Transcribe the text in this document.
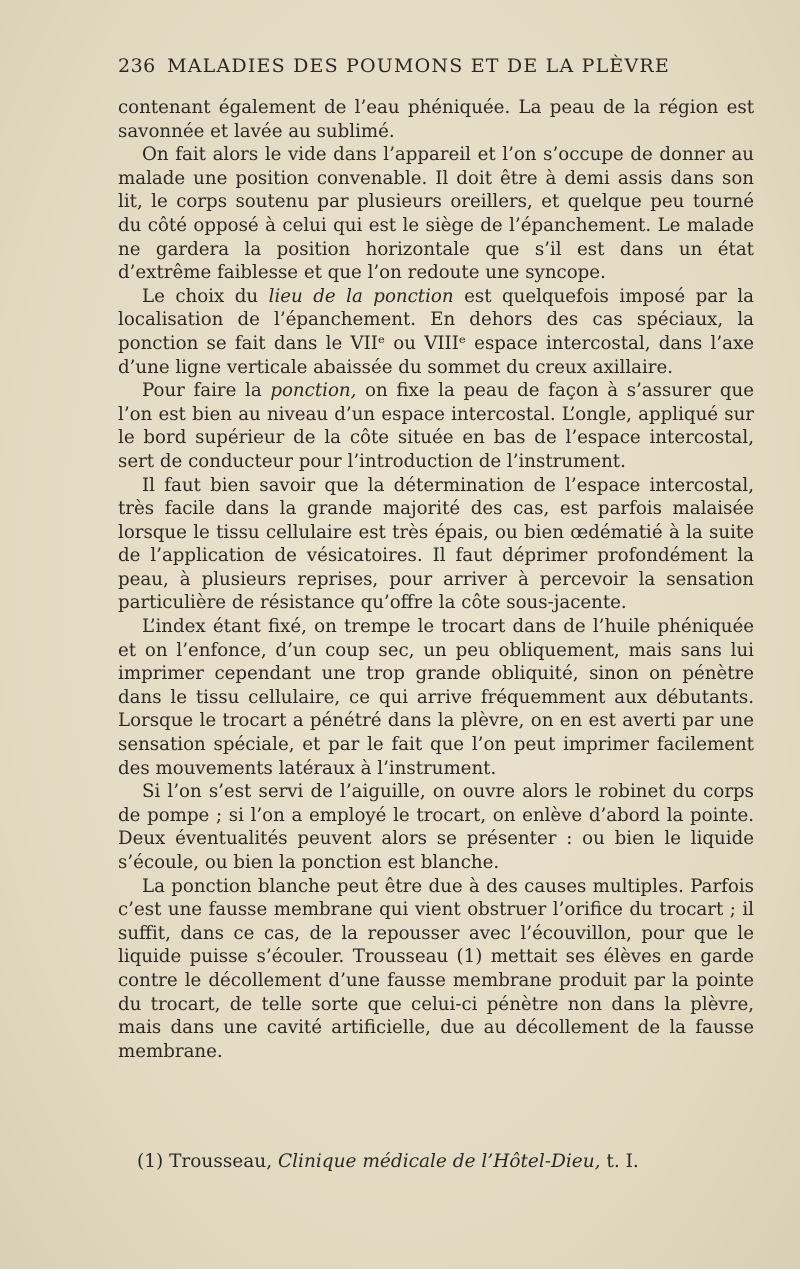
236 MALADIES DES POUMONS ET DE LA PLÈVRE

contenant également de l’eau phéniquée. La peau de la région est savonnée et lavée au sublimé.

On fait alors le vide dans l’appareil et l’on s’occupe de donner au malade une position convenable. Il doit être à demi assis dans son lit, le corps soutenu par plusieurs oreillers, et quelque peu tourné du côté opposé à celui qui est le siège de l’épanchement. Le malade ne gardera la position horizontale que s’il est dans un état d’extrême faiblesse et que l’on redoute une syncope.

Le choix du lieu de la ponction est quelquefois imposé par la localisation de l’épanchement. En dehors des cas spéciaux, la ponction se fait dans le VIIᵉ ou VIIIᵉ espace intercostal, dans l’axe d’une ligne verticale abaissée du sommet du creux axillaire.

Pour faire la ponction, on fixe la peau de façon à s’assurer que l’on est bien au niveau d’un espace intercostal. L’ongle, appliqué sur le bord supérieur de la côte située en bas de l’espace intercostal, sert de conducteur pour l’introduction de l’instrument.

Il faut bien savoir que la détermination de l’espace intercostal, très facile dans la grande majorité des cas, est parfois malaisée lorsque le tissu cellulaire est très épais, ou bien œdématié à la suite de l’application de vésicatoires. Il faut déprimer profondément la peau, à plusieurs reprises, pour arriver à percevoir la sensation particulière de résistance qu’offre la côte sous-jacente.

L’index étant fixé, on trempe le trocart dans de l’huile phéniquée et on l’enfonce, d’un coup sec, un peu obliquement, mais sans lui imprimer cependant une trop grande obliquité, sinon on pénètre dans le tissu cellulaire, ce qui arrive fréquemment aux débutants. Lorsque le trocart a pénétré dans la plèvre, on en est averti par une sensation spéciale, et par le fait que l’on peut imprimer facilement des mouvements latéraux à l’instrument.

Si l’on s’est servi de l’aiguille, on ouvre alors le robinet du corps de pompe ; si l’on a employé le trocart, on enlève d’abord la pointe. Deux éventualités peuvent alors se présenter : ou bien le liquide s’écoule, ou bien la ponction est blanche.

La ponction blanche peut être due à des causes multiples. Parfois c’est une fausse membrane qui vient obstruer l’orifice du trocart ; il suffit, dans ce cas, de la repousser avec l’écouvillon, pour que le liquide puisse s’écouler. Trousseau (1) mettait ses élèves en garde contre le décollement d’une fausse membrane produit par la pointe du trocart, de telle sorte que celui-ci pénètre non dans la plèvre, mais dans une cavité artificielle, due au décollement de la fausse membrane.

(1) Trousseau, Clinique médicale de l’Hôtel-Dieu, t. I.
